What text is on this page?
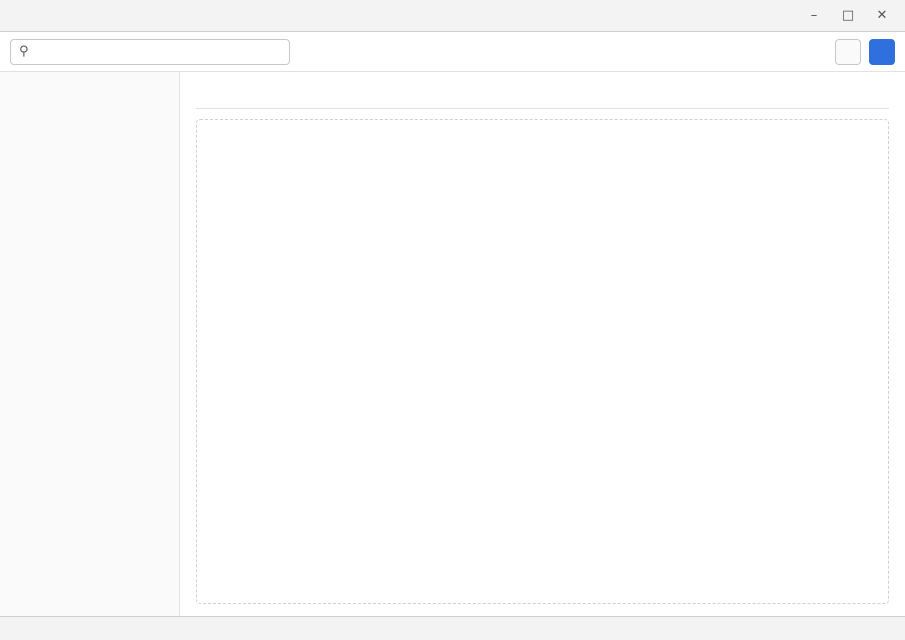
–	□	✕
⚲
